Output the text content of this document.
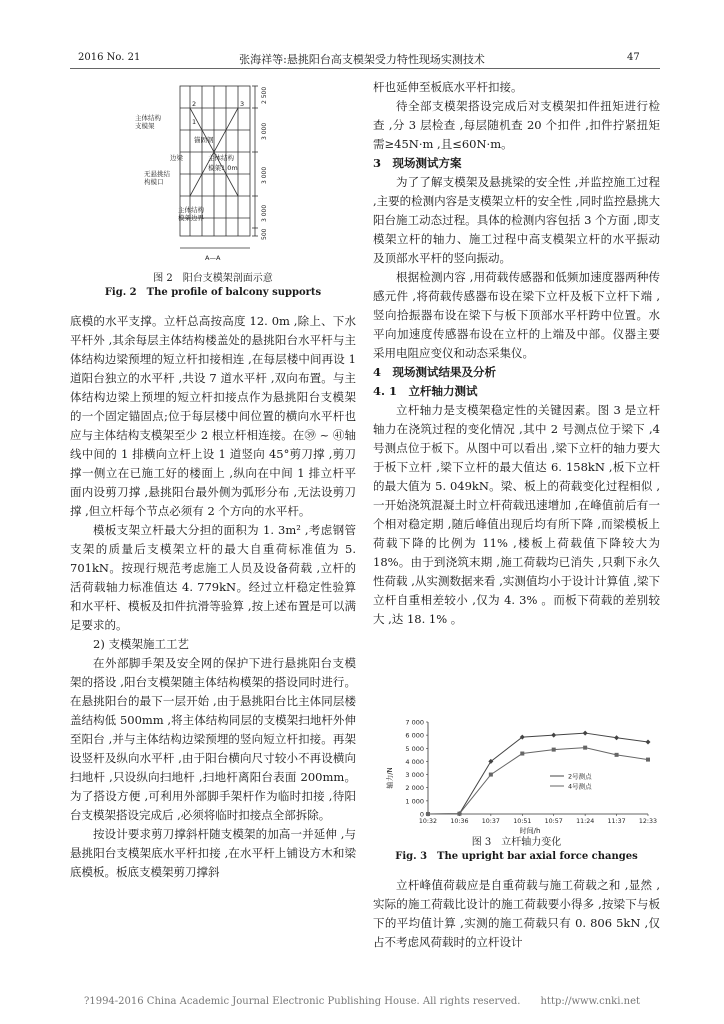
2016 No. 21	张海祥等:悬挑阳台高支模架受力特性现场实测技术	47
主体结构
支模架
锚固钢
边梁	主体结构
模架1.0m
无悬挑结
构模口
主体结构
模架边界
A—A
2
1
3	2 500
3 000
3 000
3 000
500
图 2　阳台支模架剖面示意
Fig. 2　The profile of balcony supports

底模的水平支撑。立杆总高按高度 12. 0m ,除上、下水平杆外 ,其余每层主体结构楼盖处的悬挑阳台水平杆与主体结构边梁预埋的短立杆扣接相连 ,在每层楼中间再设 1 道阳台独立的水平杆 ,共设 7 道水平杆 ,双向布置。与主体结构边梁上预埋的短立杆扣接点作为悬挑阳台支模架的一个固定锚固点;位于每层楼中间位置的横向水平杆也应与主体结构支模架至少 2 根立杆相连接。在㊴ ~ ㊶轴线中间的 1 排横向立杆上设 1 道竖向 45°剪刀撑 ,剪刀撑一侧立在已施工好的楼面上 ,纵向在中间 1 排立杆平面内设剪刀撑 ,悬挑阳台最外侧为弧形分布 ,无法设剪刀撑 ,但立杆每个节点必须有 2 个方向的水平杆。

模板支架立杆最大分担的面积为 1. 3m² ,考虑钢管支架的质量后支模架立杆的最大自重荷标准值为 5. 701kN。按现行规范考虑施工人员及设备荷载 ,立杆的活荷载轴力标准值达 4. 779kN。经过立杆稳定性验算和水平杆、模板及扣件抗滑等验算 ,按上述布置是可以满足要求的。

2) 支模架施工工艺

在外部脚手架及安全网的保护下进行悬挑阳台支模架的搭设 ,阳台支模架随主体结构模架的搭设同时进行。在悬挑阳台的最下一层开始 ,由于悬挑阳台比主体同层楼盖结构低 500mm ,将主体结构同层的支模架扫地杆外伸至阳台 ,并与主体结构边梁预埋的竖向短立杆扣接。再架设竖杆及纵向水平杆 ,由于阳台横向尺寸较小不再设横向扫地杆 ,只设纵向扫地杆 ,扫地杆离阳台表面 200mm。为了搭设方便 ,可利用外部脚手架杆作为临时扣接 ,待阳台支模架搭设完成后 ,必须将临时扣接点全部拆除。

按设计要求剪刀撑斜杆随支模架的加高一并延伸 ,与悬挑阳台支模架底水平杆扣接 ,在水平杆上铺设方木和梁底模板。板底支模架剪刀撑斜

杆也延伸至板底水平杆扣接。

待全部支模架搭设完成后对支模架扣件扭矩进行检查 ,分 3 层检查 ,每层随机查 20 个扣件 ,扣件拧紧扭矩需≥45N·m ,且≤60N·m。

3　现场测试方案

为了了解支模架及悬挑梁的安全性 ,并监控施工过程 ,主要的检测内容是支模架立杆的安全性 ,同时监控悬挑大阳台施工动态过程。具体的检测内容包括 3 个方面 ,即支模架立杆的轴力、施工过程中高支模架立杆的水平振动及顶部水平杆的竖向振动。

根据检测内容 ,用荷载传感器和低频加速度器两种传感元件 ,将荷载传感器布设在梁下立杆及板下立杆下端 ,竖向拾振器布设在梁下与板下顶部水平杆跨中位置。水平向加速度传感器布设在立杆的上端及中部。仪器主要采用电阻应变仪和动态采集仪。

4　现场测试结果及分析

4. 1　立杆轴力测试

立杆轴力是支模架稳定性的关键因素。图 3 是立杆轴力在浇筑过程的变化情况 ,其中 2 号测点位于梁下 ,4 号测点位于板下。从图中可以看出 ,梁下立杆的轴力要大于板下立杆 ,梁下立杆的最大值达 6. 158kN ,板下立杆的最大值为 5. 049kN。梁、板上的荷载变化过程相似 ,一开始浇筑混凝土时立杆荷载迅速增加 ,在峰值前后有一个相对稳定期 ,随后峰值出现后均有所下降 ,而梁模板上荷载下降的比例为 11% ,楼板上荷载值下降较大为 18%。由于到浇筑末期 ,施工荷载均已消失 ,只剩下永久性荷载 ,从实测数据来看 ,实测值均小于设计计算值 ,梁下立杆自重相差较小 ,仅为 4. 3% 。而板下荷载的差别较大 ,达 18. 1% 。

0
1 000
2 000
3 000
4 000
5 000
6 000
7 000
10:32 10:36 10:37 10:51 10:57 11:24 11:37 12:33
轴力/N
时间/h
2号测点
4号测点
图 3　立杆轴力变化
Fig. 3　The upright bar axial force changes

立杆峰值荷载应是自重荷载与施工荷载之和 ,显然 ,实际的施工荷载比设计的施工荷载要小得多 ,按梁下与板下的平均值计算 ,实测的施工荷载只有 0. 806 5kN ,仅占不考虑风荷载时的立杆设计

?1994-2016 China Academic Journal Electronic Publishing House. All rights reserved.　　http://www.cnki.net
